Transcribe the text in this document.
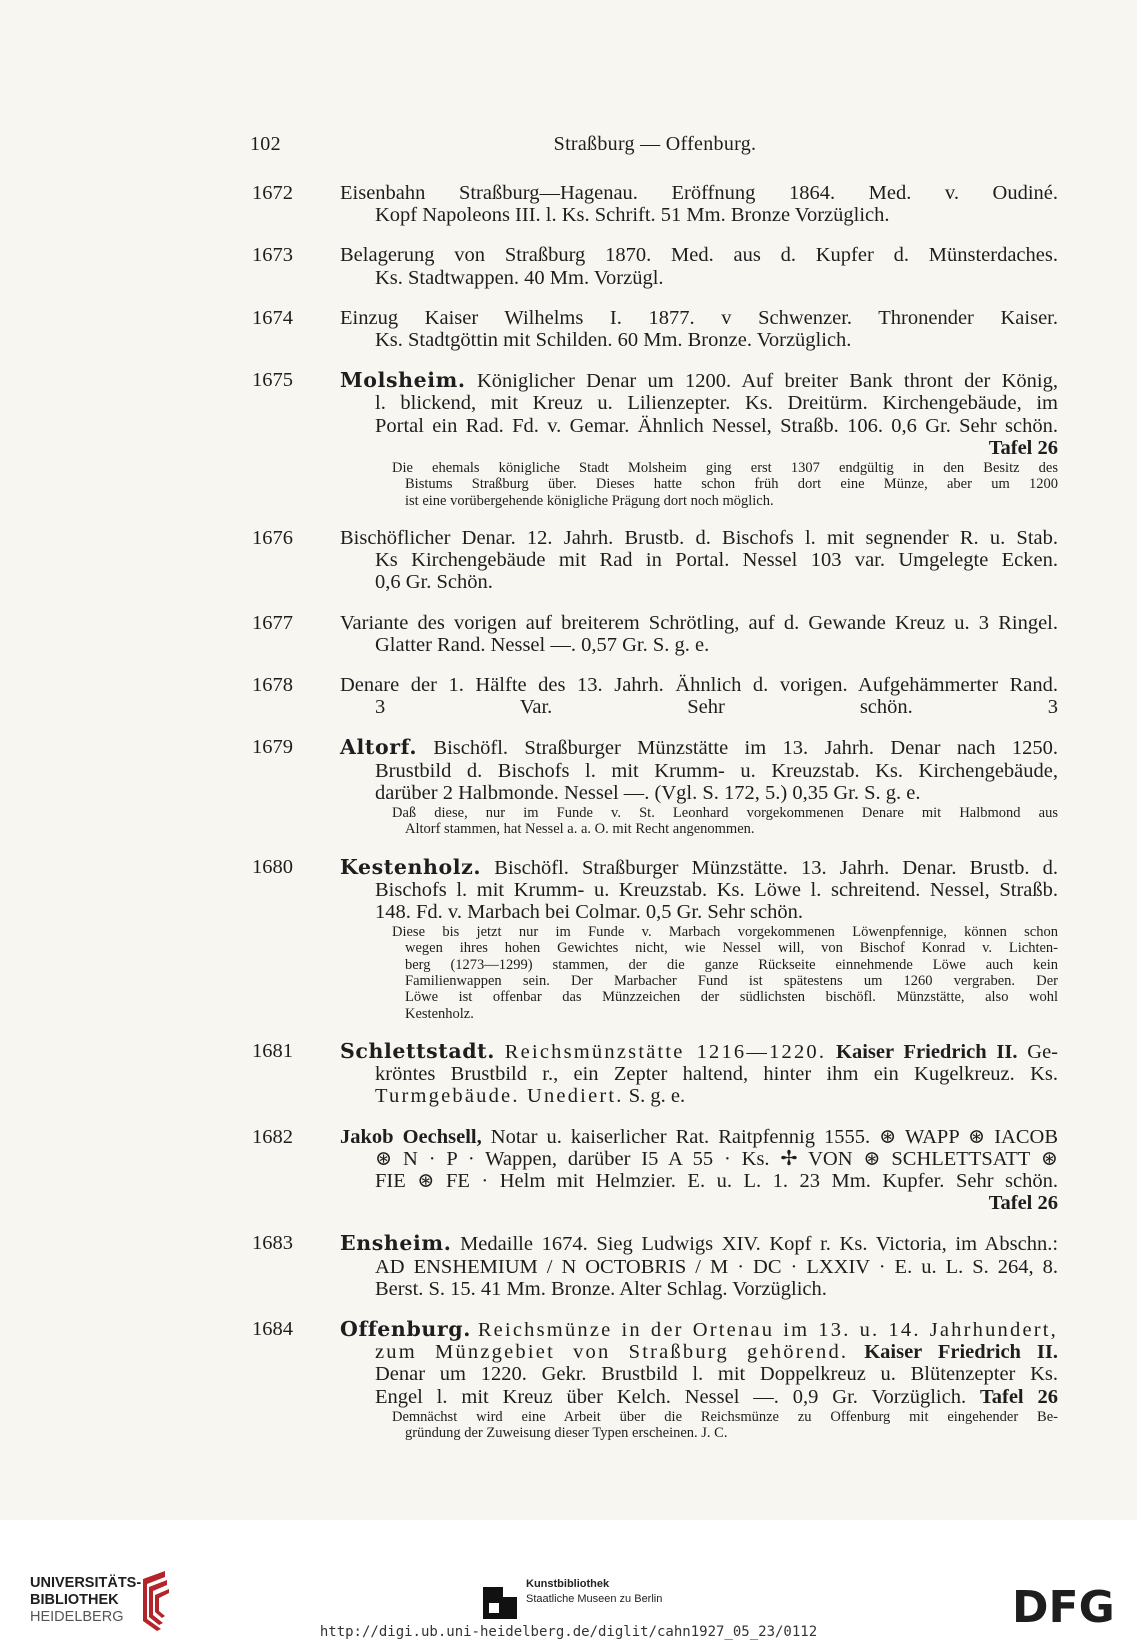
102	Straßburg — Offenburg.
1672 Eisenbahn Straßburg—Hagenau. Eröffnung 1864. Med. v. Oudiné.
Kopf Napoleons III. l. Ks. Schrift. 51 Mm. Bronze Vorzüglich.
1673 Belagerung von Straßburg 1870. Med. aus d. Kupfer d. Münsterdaches.
Ks. Stadtwappen. 40 Mm. Vorzügl.
1674 Einzug Kaiser Wilhelms I. 1877. v Schwenzer. Thronender Kaiser.
Ks. Stadtgöttin mit Schilden. 60 Mm. Bronze. Vorzüglich.
1675 Molsheim. Königlicher Denar um 1200. Auf breiter Bank thront der König,
l. blickend, mit Kreuz u. Lilienzepter. Ks. Dreitürm. Kirchengebäude, im
Portal ein Rad. Fd. v. Gemar. Ähnlich Nessel, Straßb. 106. 0,6 Gr. Sehr schön.
Tafel 26
Die ehemals königliche Stadt Molsheim ging erst 1307 endgültig in den Besitz des
Bistums Straßburg über. Dieses hatte schon früh dort eine Münze, aber um 1200
ist eine vorübergehende königliche Prägung dort noch möglich.
1676 Bischöflicher Denar. 12. Jahrh. Brustb. d. Bischofs l. mit segnender R. u. Stab.
Ks Kirchengebäude mit Rad in Portal. Nessel 103 var. Umgelegte Ecken.
0,6 Gr. Schön.
1677 Variante des vorigen auf breiterem Schrötling, auf d. Gewande Kreuz u. 3 Ringel.
Glatter Rand. Nessel —. 0,57 Gr. S. g. e.
1678 Denare der 1. Hälfte des 13. Jahrh. Ähnlich d. vorigen. Aufgehämmerter Rand.
3 Var. Sehr schön.	3
1679 Altorf. Bischöfl. Straßburger Münzstätte im 13. Jahrh. Denar nach 1250.
Brustbild d. Bischofs l. mit Krumm- u. Kreuzstab. Ks. Kirchengebäude,
darüber 2 Halbmonde. Nessel —. (Vgl. S. 172, 5.) 0,35 Gr. S. g. e.
Daß diese, nur im Funde v. St. Leonhard vorgekommenen Denare mit Halbmond aus
Altorf stammen, hat Nessel a. a. O. mit Recht angenommen.
1680 Kestenholz. Bischöfl. Straßburger Münzstätte. 13. Jahrh. Denar. Brustb. d.
Bischofs l. mit Krumm- u. Kreuzstab. Ks. Löwe l. schreitend. Nessel, Straßb.
148. Fd. v. Marbach bei Colmar. 0,5 Gr. Sehr schön.
Diese bis jetzt nur im Funde v. Marbach vorgekommenen Löwenpfennige, können schon
wegen ihres hohen Gewichtes nicht, wie Nessel will, von Bischof Konrad v. Lichten-
berg (1273—1299) stammen, der die ganze Rückseite einnehmende Löwe auch kein
Familienwappen sein. Der Marbacher Fund ist spätestens um 1260 vergraben. Der
Löwe ist offenbar das Münzzeichen der südlichsten bischöfl. Münzstätte, also wohl
Kestenholz.
1681 Schlettstadt. Reichsmünzstätte 1216—1220. Kaiser Friedrich II. Ge-
kröntes Brustbild r., ein Zepter haltend, hinter ihm ein Kugelkreuz. Ks.
Turmgebäude. Unediert. S. g. e.
1682 Jakob Oechsell, Notar u. kaiserlicher Rat. Raitpfennig 1555. ⊛ WAPP ⊛ IACOB
⊛ N · P · Wappen, darüber I5 A 55 · Ks. ✢ VON ⊛ SCHLETTSATT ⊛
FIE ⊛ FE · Helm mit Helmzier. E. u. L. 1. 23 Mm. Kupfer. Sehr schön.
Tafel 26
1683 Ensheim. Medaille 1674. Sieg Ludwigs XIV. Kopf r. Ks. Victoria, im Abschn.:
AD ENSHEMIUM / N OCTOBRIS / M · DC · LXXIV · E. u. L. S. 264, 8.
Berst. S. 15. 41 Mm. Bronze. Alter Schlag. Vorzüglich.
1684 Offenburg. Reichsmünze in der Ortenau im 13. u. 14. Jahrhundert,
zum Münzgebiet von Straßburg gehörend. Kaiser Friedrich II.
Denar um 1220. Gekr. Brustbild l. mit Doppelkreuz u. Blütenzepter Ks.
Engel l. mit Kreuz über Kelch. Nessel —. 0,9 Gr. Vorzüglich. Tafel 26
Demnächst wird eine Arbeit über die Reichsmünze zu Offenburg mit eingehender Be-
gründung der Zuweisung dieser Typen erscheinen. J. C.
UNIVERSITÄTS-
BIBLIOTHEK
HEIDELBERG
Kunstbibliothek
Staatliche Museen zu Berlin	DFG
http://digi.ub.uni-heidelberg.de/diglit/cahn1927_05_23/0112
